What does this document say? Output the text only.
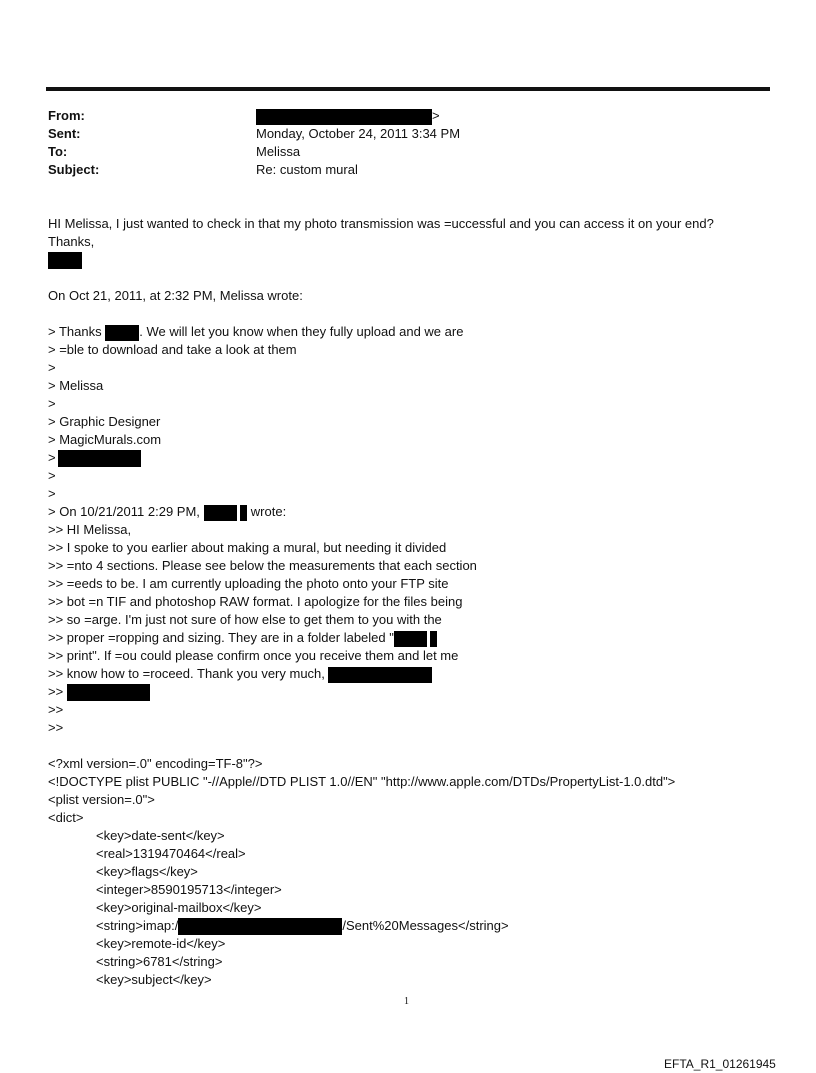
From:	>
Sent:	Monday, October 24, 2011 3:34 PM
To:	Melissa
Subject:	Re: custom mural
HI Melissa, I just wanted to check in that my photo transmission was =uccessful and you can access it on your end?
Thanks,
On Oct 21, 2011, at 2:32 PM, Melissa wrote:
> Thanks	. We will let you know when they fully upload and we are
> =ble to download and take a look at them
>
> Melissa
>
> Graphic Designer
> MagicMurals.com
>
>
>
> On 10/21/2011 2:29 PM,	wrote:
>> HI Melissa,
>> I spoke to you earlier about making a mural, but needing it divided
>> =nto 4 sections. Please see below the measurements that each section
>> =eeds to be. I am currently uploading the photo onto your FTP site
>> bot =n TIF and photoshop RAW format. I apologize for the files being
>> so =arge. I'm just not sure of how else to get them to you with the
>> proper =ropping and sizing. They are in a folder labeled "
>> print". If =ou could please confirm once you receive them and let me
>> know how to =roceed. Thank you very much,
>>
>>
>>
<?xml version=.0" encoding=TF-8"?>
<!DOCTYPE plist PUBLIC "-//Apple//DTD PLIST 1.0//EN" "http://www.apple.com/DTDs/PropertyList-1.0.dtd">
<plist version=.0">
<dict>
<key>date-sent</key>
<real>1319470464</real>
<key>flags</key>
<integer>8590195713</integer>
<key>original-mailbox</key>
<string>imap:/	/Sent%20Messages</string>
<key>remote-id</key>
<string>6781</string>
<key>subject</key>
1
EFTA_R1_01261945
